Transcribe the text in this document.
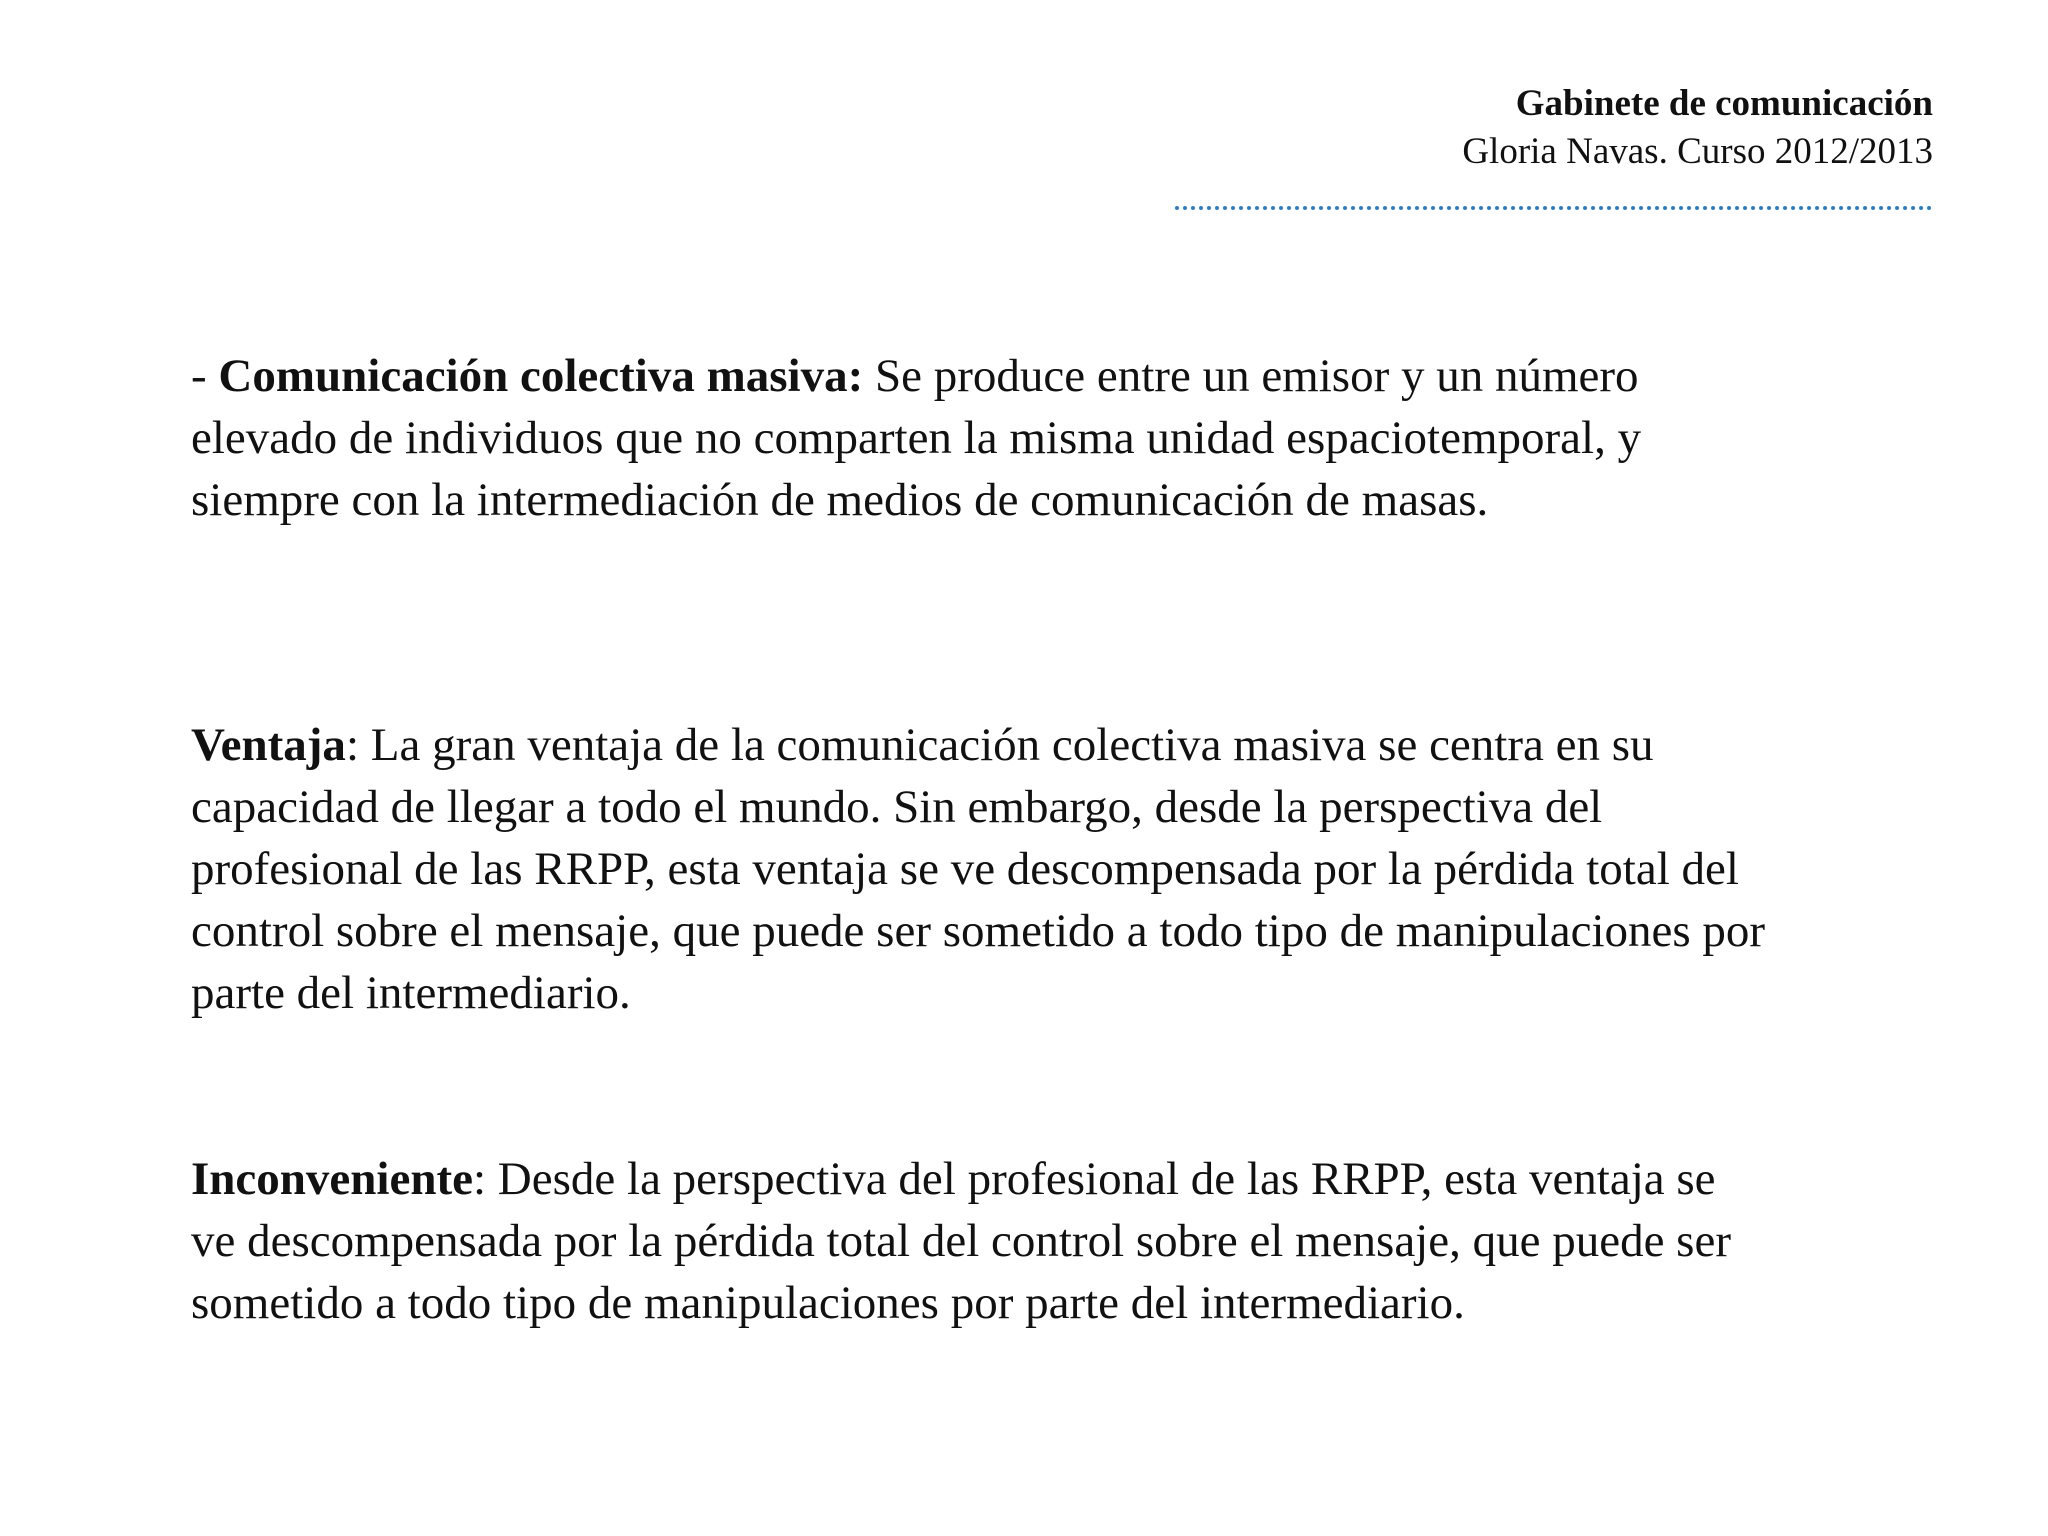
Gabinete de comunicación
Gloria Navas. Curso 2012/2013
- Comunicación colectiva masiva: Se produce entre un emisor y un número
elevado de individuos que no comparten la misma unidad espaciotemporal, y
siempre con la intermediación de medios de comunicación de masas.
Ventaja: La gran ventaja de la comunicación colectiva masiva se centra en su
capacidad de llegar a todo el mundo. Sin embargo, desde la perspectiva del
profesional de las RRPP, esta ventaja se ve descompensada por la pérdida total del
control sobre el mensaje, que puede ser sometido a todo tipo de manipulaciones por
parte del intermediario.
Inconveniente: Desde la perspectiva del profesional de las RRPP, esta ventaja se
ve descompensada por la pérdida total del control sobre el mensaje, que puede ser
sometido a todo tipo de manipulaciones por parte del intermediario.
